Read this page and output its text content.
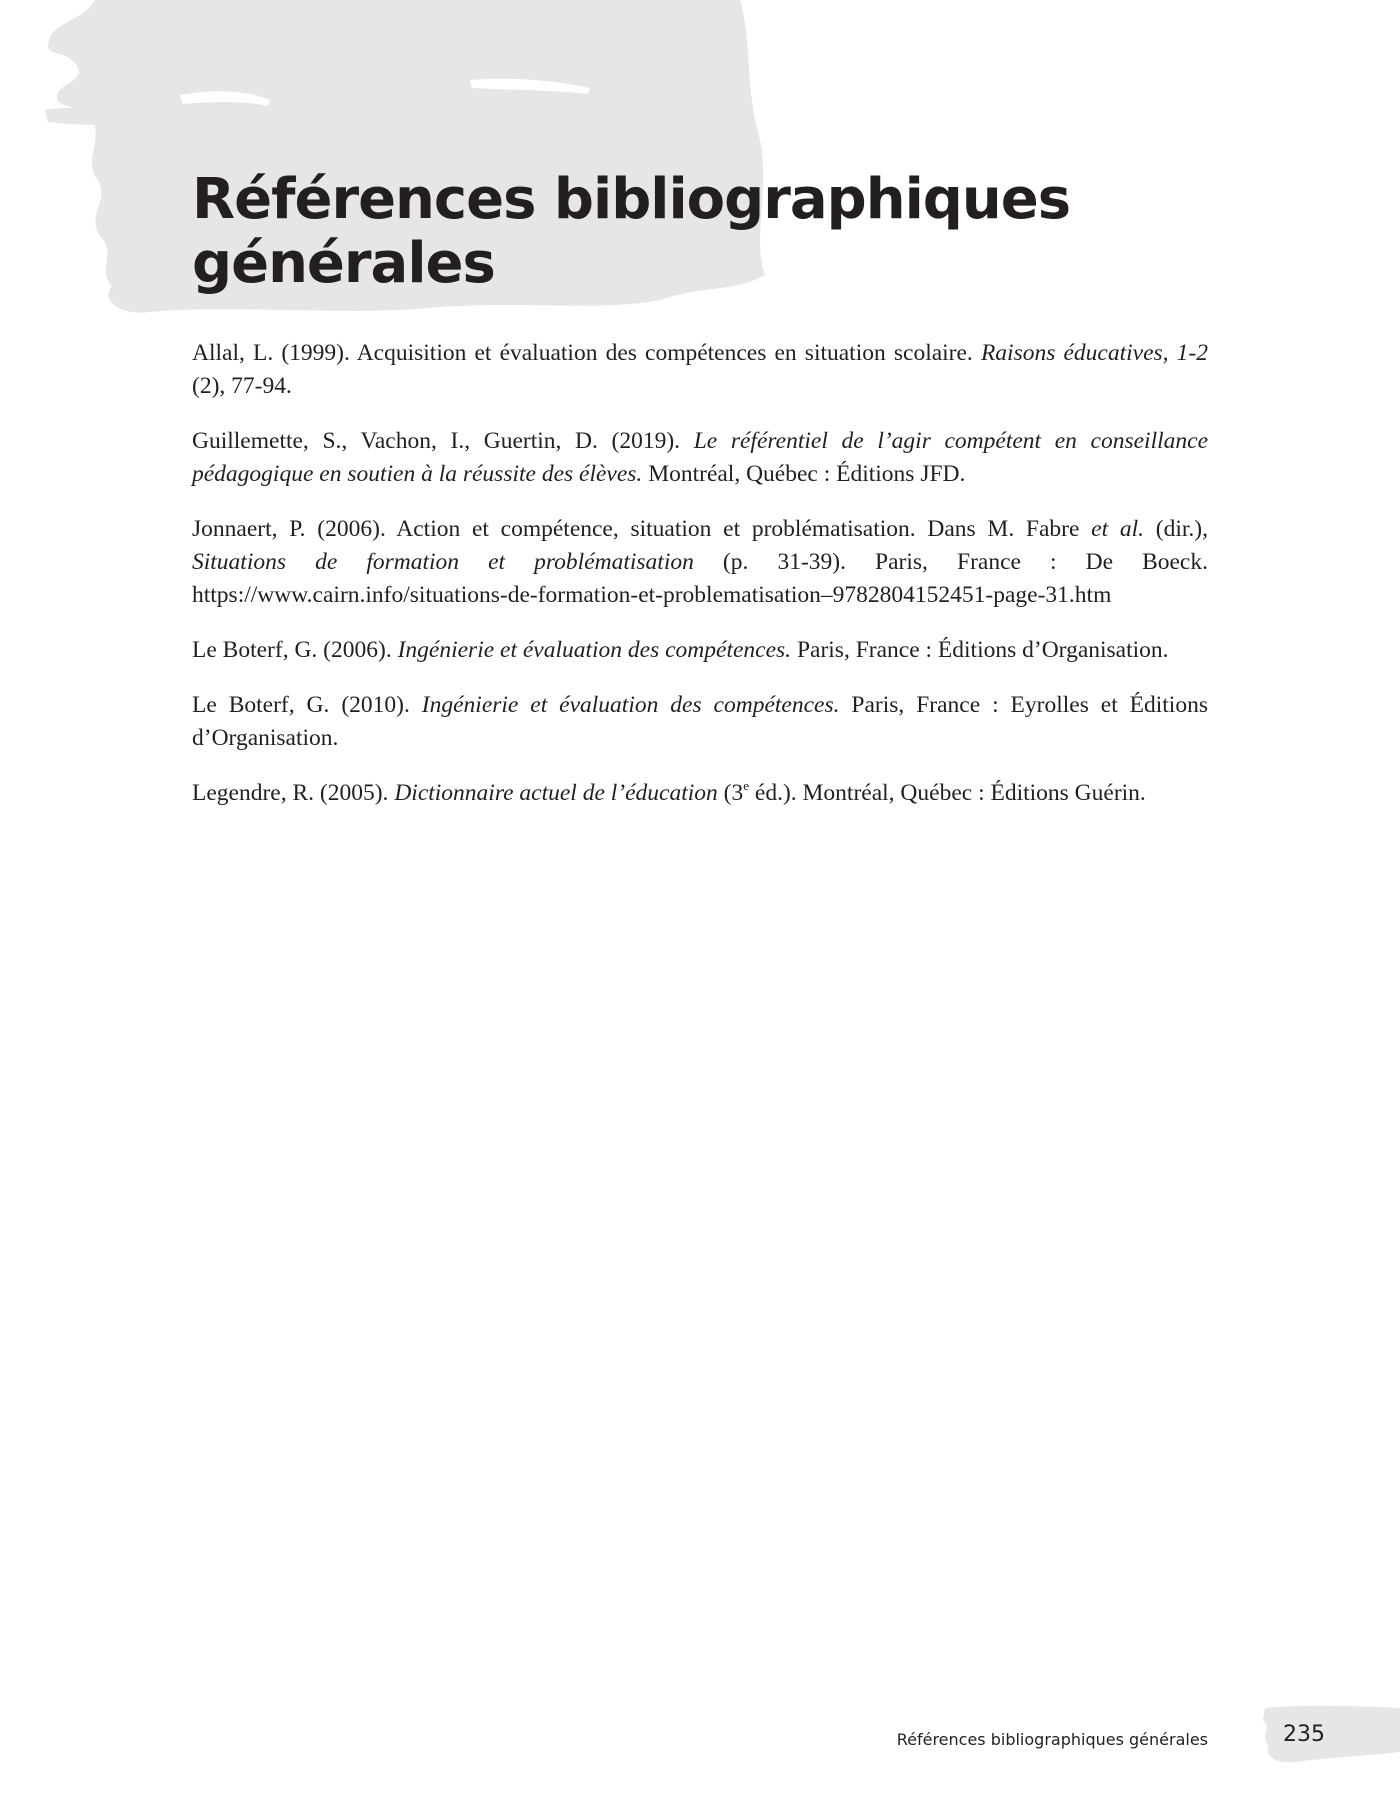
Références bibliographiques
générales

Allal, L. (1999). Acquisition et évaluation des compétences en situation scolaire. Raisons éducatives, 1-2 (2), 77-94.

Guillemette, S., Vachon, I., Guertin, D. (2019). Le référentiel de l’agir compétent en conseillance pédagogique en soutien à la réussite des élèves. Montréal, Québec : Éditions JFD.

Jonnaert, P. (2006). Action et compétence, situation et problématisation. Dans M. Fabre et al. (dir.), Situations de formation et problématisation (p. 31-39). Paris, France : De Boeck. https://www.cairn.info/situations-de-formation-et-problematisation–9782804152451-page-31.htm

Le Boterf, G. (2006). Ingénierie et évaluation des compétences. Paris, France : Éditions d’Organisation.

Le Boterf, G. (2010). Ingénierie et évaluation des compétences. Paris, France : Eyrolles et Éditions d’Organisation.

Legendre, R. (2005). Dictionnaire actuel de l’éducation (3e éd.). Montréal, Québec : Éditions Guérin.

Références bibliographiques générales	235
